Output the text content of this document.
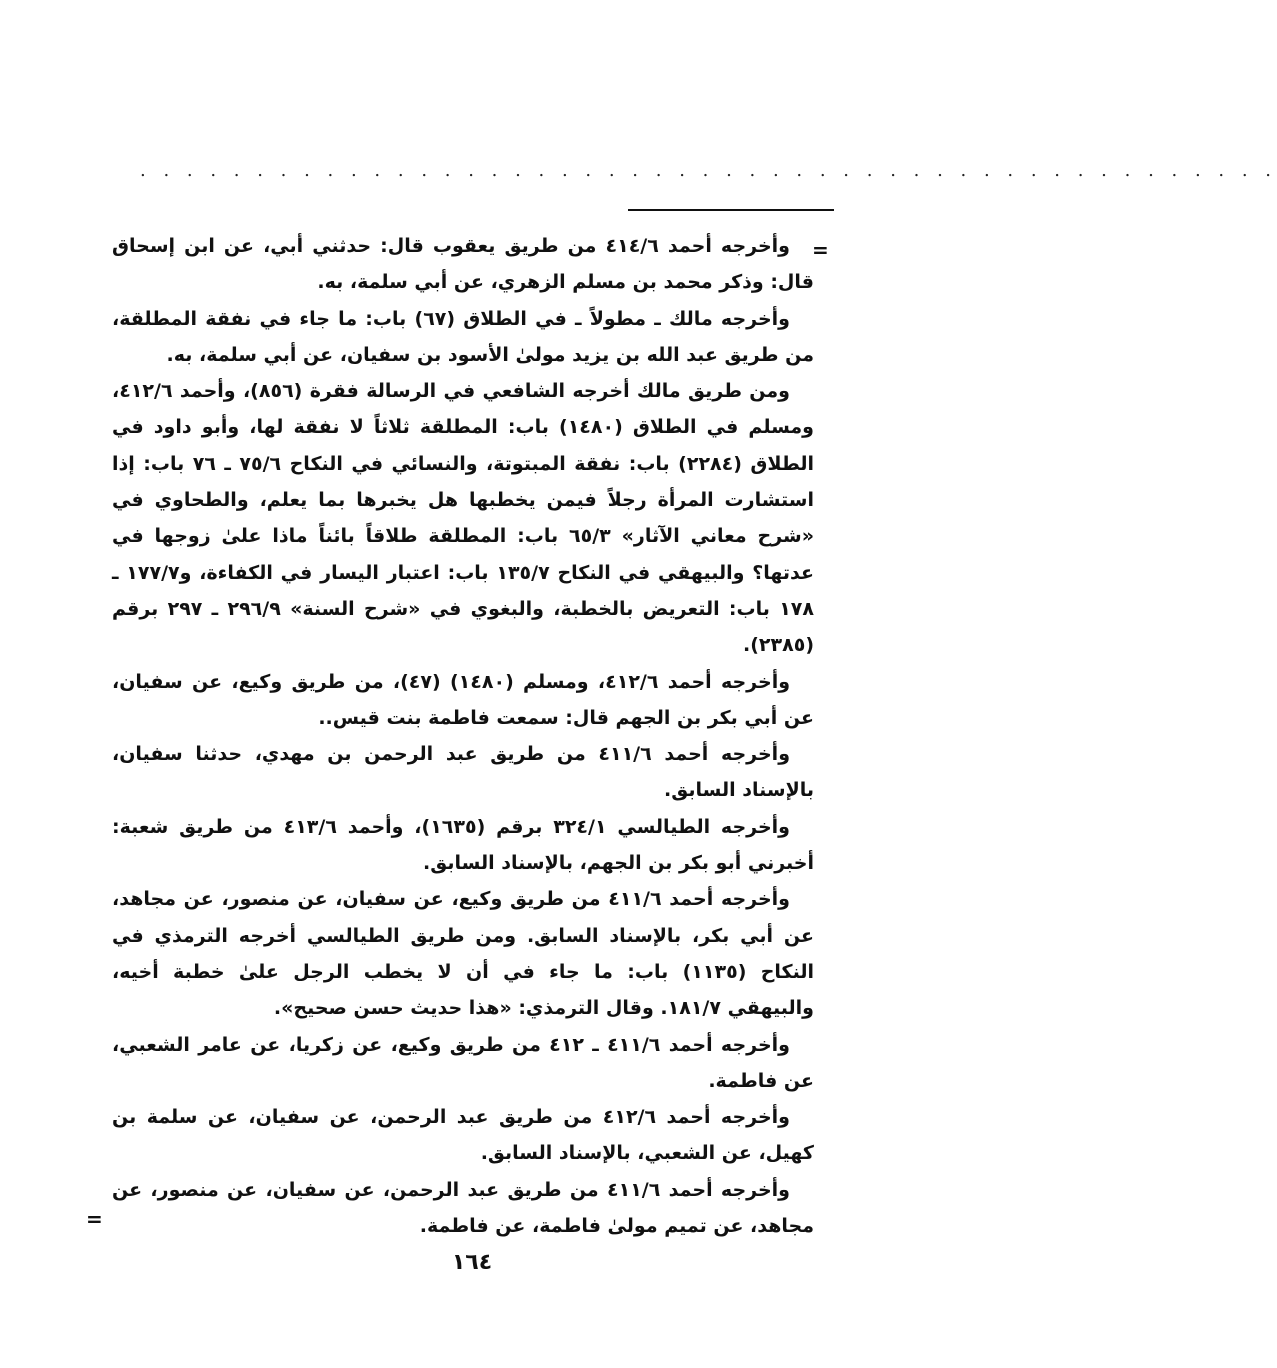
. . . . . . . . . . . . . . . . . . . . . . . . . . . . . . . . . . . . . . . . . . . . . . . . .
=

وأخرجه أحمد ٤١٤/٦ من طريق يعقوب قال: حدثني أبي، عن ابن إسحاق قال: وذكر محمد بن مسلم الزهري، عن أبي سلمة، به.

وأخرجه مالك ـ مطولاً ـ في الطلاق (٦٧) باب: ما جاء في نفقة المطلقة، من طريق عبد الله بن يزيد مولىٰ الأسود بن سفيان، عن أبي سلمة، به.

ومن طريق مالك أخرجه الشافعي في الرسالة فقرة (٨٥٦)، وأحمد ٤١٢/٦، ومسلم في الطلاق (١٤٨٠) باب: المطلقة ثلاثاً لا نفقة لها، وأبو داود في الطلاق (٢٢٨٤) باب: نفقة المبتوتة، والنسائي في النكاح ٧٥/٦ ـ ٧٦ باب: إذا استشارت المرأة رجلاً فيمن يخطبها هل يخبرها بما يعلم، والطحاوي في «شرح معاني الآثار» ٦٥/٣ باب: المطلقة طلاقاً بائناً ماذا علىٰ زوجها في عدتها؟ والبيهقي في النكاح ١٣٥/٧ باب: اعتبار اليسار في الكفاءة، و١٧٧/٧ ـ ١٧٨ باب: التعريض بالخطبة، والبغوي في «شرح السنة» ٢٩٦/٩ ـ ٢٩٧ برقم (٢٣٨٥).

وأخرجه أحمد ٤١٢/٦، ومسلم (١٤٨٠) (٤٧)، من طريق وكيع، عن سفيان، عن أبي بكر بن الجهم قال: سمعت فاطمة بنت قيس..

وأخرجه أحمد ٤١١/٦ من طريق عبد الرحمن بن مهدي، حدثنا سفيان، بالإسناد السابق.

وأخرجه الطيالسي ٣٢٤/١ برقم (١٦٣٥)، وأحمد ٤١٣/٦ من طريق شعبة: أخبرني أبو بكر بن الجهم، بالإسناد السابق.

وأخرجه أحمد ٤١١/٦ من طريق وكيع، عن سفيان، عن منصور، عن مجاهد، عن أبي بكر، بالإسناد السابق. ومن طريق الطيالسي أخرجه الترمذي في النكاح (١١٣٥) باب: ما جاء في أن لا يخطب الرجل علىٰ خطبة أخيه، والبيهقي ١٨١/٧. وقال الترمذي: «هذا حديث حسن صحيح».

وأخرجه أحمد ٤١١/٦ ـ ٤١٢ من طريق وكيع، عن زكريا، عن عامر الشعبي، عن فاطمة.

وأخرجه أحمد ٤١٢/٦ من طريق عبد الرحمن، عن سفيان، عن سلمة بن كهيل، عن الشعبي، بالإسناد السابق.

وأخرجه أحمد ٤١١/٦ من طريق عبد الرحمن، عن سفيان، عن منصور، عن مجاهد، عن تميم مولىٰ فاطمة، عن فاطمة.

=
١٦٤
